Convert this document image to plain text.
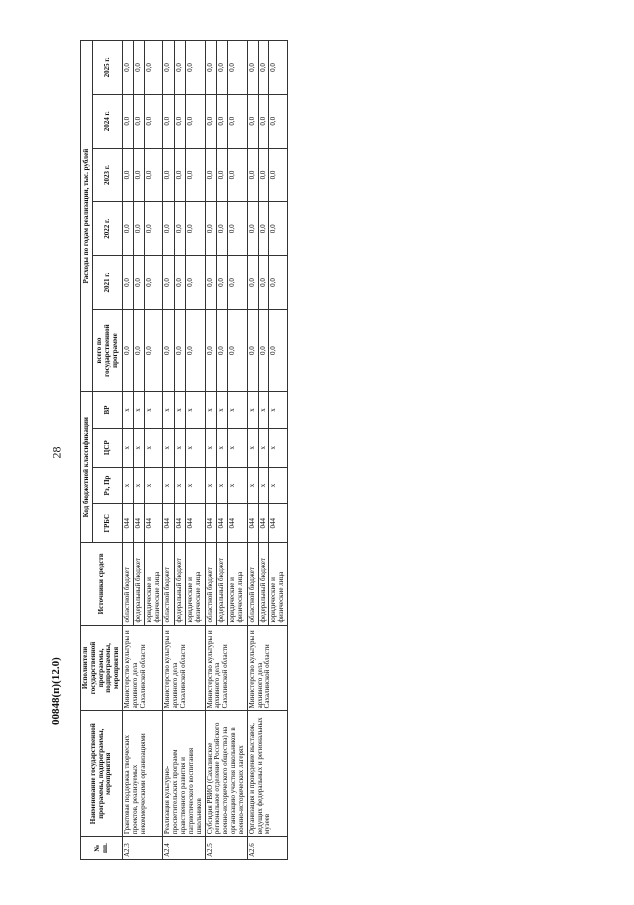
28
00848(п)(12.0)
№ пп.	Наименование государственной программы, подпрограммы, мероприятия	Исполнители государственной программы, подпрограммы, мероприятия	Источники средств	Код бюджетной классификации				Расходы по годам реализации, тыс. рублей					
				ГРБС	Рз, Пр	ЦСР	ВР	всего по государственной программе	2021 г.	2022 г.	2023 г.	2024 г.	2025 г.
А2.3	Грантовая поддержка творческих проектов, реализуемых некоммерческими организациями	Министерство культуры и архивного дела Сахалинской области	областной бюджет	044	х	х	х	0,0	0,0	0,0	0,0	0,0	0,0
			федеральный бюджет	044	х	х	х	0,0	0,0	0,0	0,0	0,0	0,0
			юридические и физические лица	044	х	х	х	0,0	0,0	0,0	0,0	0,0	0,0
А2.4	Реализация культурно-просветительских программ нравственного развития и патриотического воспитания школьников	Министерство культуры и архивного дела Сахалинской области	областной бюджет	044	х	х	х	0,0	0,0	0,0	0,0	0,0	0,0
			федеральный бюджет	044	х	х	х	0,0	0,0	0,0	0,0	0,0	0,0
			юридические и физические лица	044	х	х	х	0,0	0,0	0,0	0,0	0,0	0,0
А2.5	Субсидия РВИО (Сахалинское региональное отделение Российского военно-исторического общества) на организацию участия школьников в военно-исторических лагерях	Министерство культуры и архивного дела Сахалинской области	областной бюджет	044	х	х	х	0,0	0,0	0,0	0,0	0,0	0,0
			федеральный бюджет	044	х	х	х	0,0	0,0	0,0	0,0	0,0	0,0
			юридические и физические лица	044	х	х	х	0,0	0,0	0,0	0,0	0,0	0,0
А2.6	Организация и проведение выставок, ведущих федеральных и региональных музеев	Министерство культуры и архивного дела Сахалинской области	областной бюджет	044	х	х	х	0,0	0,0	0,0	0,0	0,0	0,0
			федеральный бюджет	044	х	х	х	0,0	0,0	0,0	0,0	0,0	0,0
			юридические и физические лица	044	х	х	х	0,0	0,0	0,0	0,0	0,0	0,0
